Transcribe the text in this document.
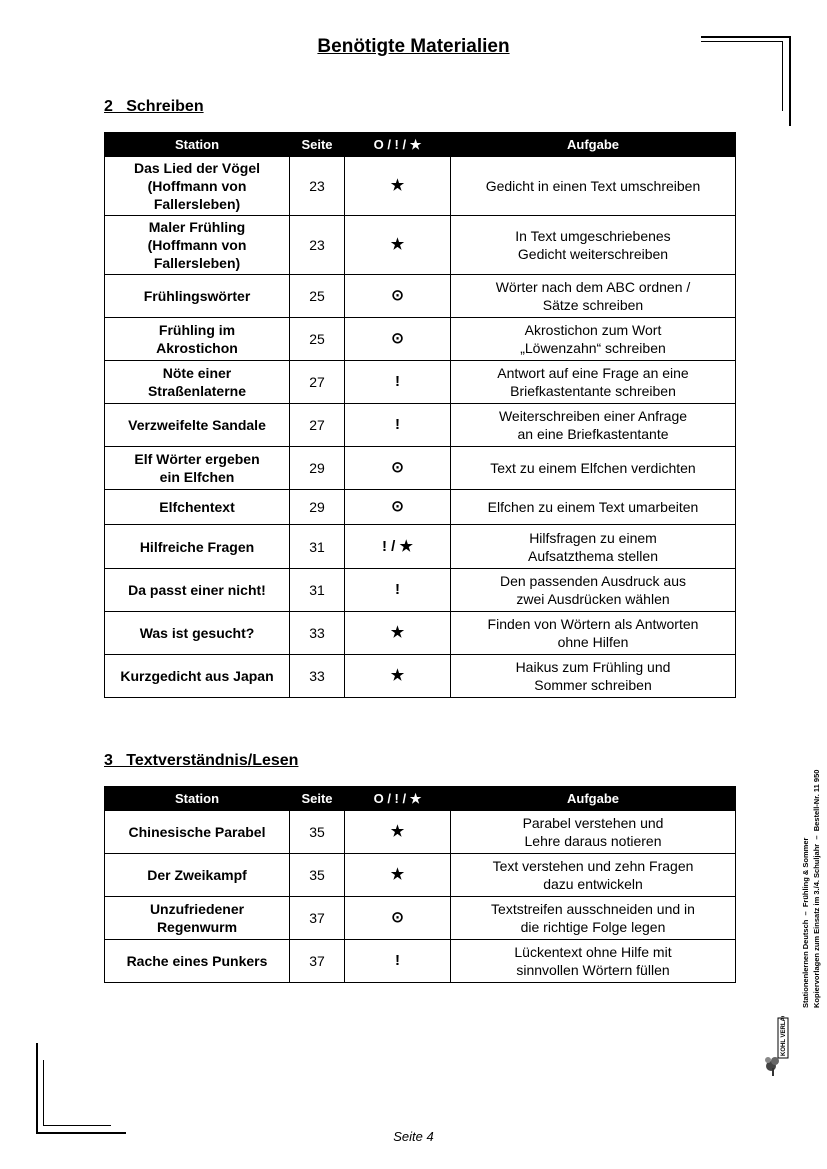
Benötigte Materialien
2   Schreiben
Station	Seite	O / ! / ★	Aufgabe
Das Lied der Vögel
(Hoffmann von
Fallersleben)	23	★	Gedicht in einen Text umschreiben
Maler Frühling
(Hoffmann von
Fallersleben)	23	★	In Text umgeschriebenes
Gedicht weiterschreiben
Frühlingswörter	25	⊙	Wörter nach dem ABC ordnen /
Sätze schreiben
Frühling im
Akrostichon	25	⊙	Akrostichon zum Wort
„Löwenzahn“ schreiben
Nöte einer
Straßenlaterne	27	!	Antwort auf eine Frage an eine
Briefkastentante schreiben
Verzweifelte Sandale	27	!	Weiterschreiben einer Anfrage
an eine Briefkastentante
Elf Wörter ergeben
ein Elfchen	29	⊙	Text zu einem Elfchen verdichten
Elfchentext	29	⊙	Elfchen zu einem Text umarbeiten
Hilfreiche Fragen	31	! / ★	Hilfsfragen zu einem
Aufsatzthema stellen
Da passt einer nicht!	31	!	Den passenden Ausdruck aus
zwei Ausdrücken wählen
Was ist gesucht?	33	★	Finden von Wörtern als Antworten
ohne Hilfen
Kurzgedicht aus Japan	33	★	Haikus zum Frühling und
Sommer schreiben
3   Textverständnis/Lesen
Station	Seite	O / ! / ★	Aufgabe
Chinesische Parabel	35	★	Parabel verstehen und
Lehre daraus notieren
Der Zweikampf	35	★	Text verstehen und zehn Fragen
dazu entwickeln
Unzufriedener
Regenwurm	37	⊙	Textstreifen ausschneiden und in
die richtige Folge legen
Rache eines Punkers	37	!	Lückentext ohne Hilfe mit
sinnvollen Wörtern füllen	Stationenlernen Deutsch  –  Frühling & Sommer Kopiervorlagen zum Einsatz im 3./4. Schuljahr  –  Bestell-Nr. 11 950
KOHL VERLAG
Seite 4
